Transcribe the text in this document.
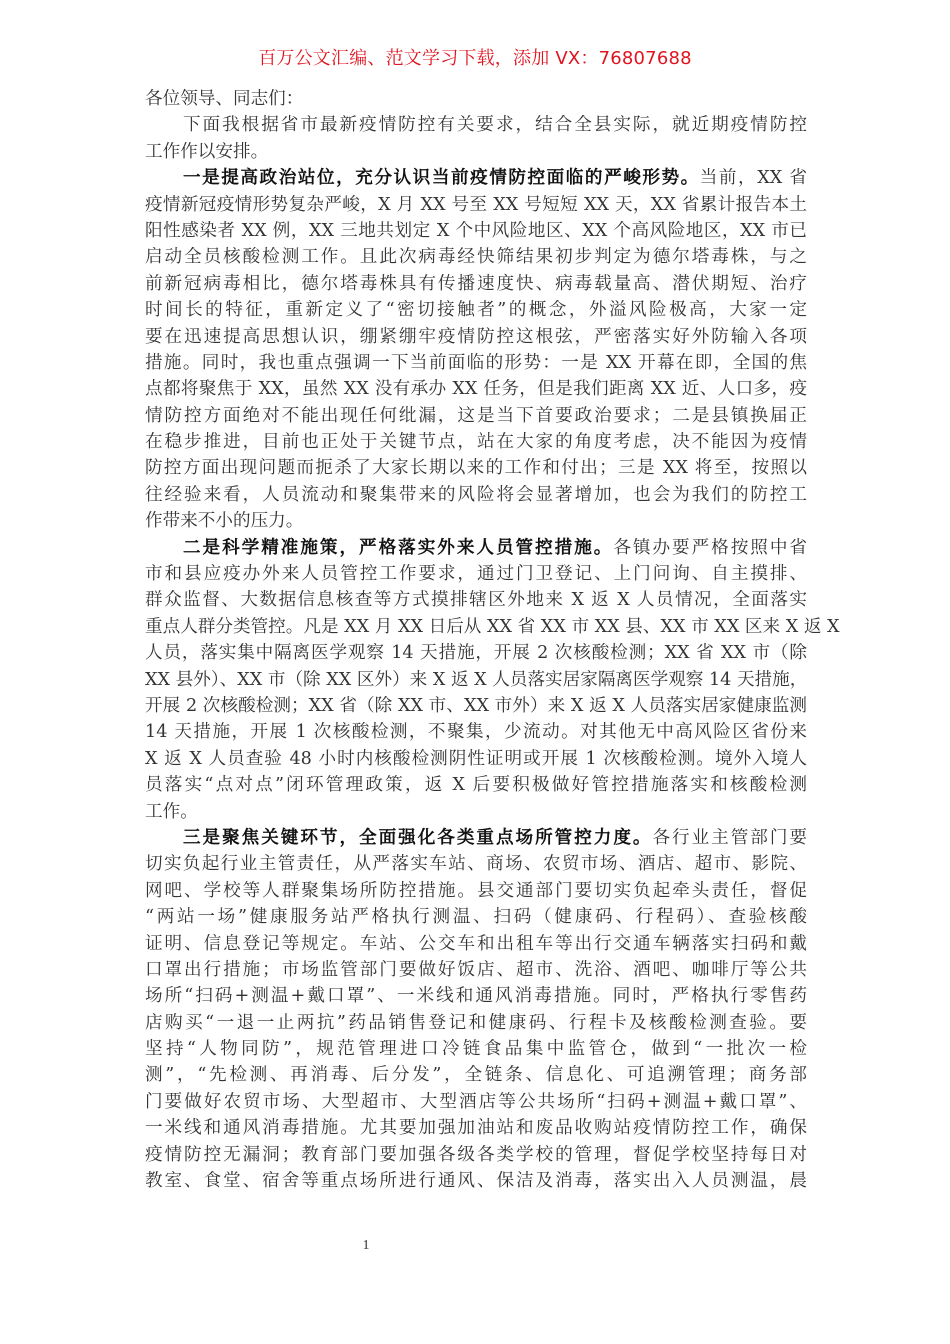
百万公文汇编、范文学习下载，添加 VX：76807688
各位领导、同志们：
下面我根据省市最新疫情防控有关要求，结合全县实际，就近期疫情防控
工作作以安排。
一是提高政治站位，充分认识当前疫情防控面临的严峻形势。当前，XX 省
疫情新冠疫情形势复杂严峻，X 月 XX 号至 XX 号短短 XX 天，XX 省累计报告本土
阳性感染者 XX 例，XX 三地共划定 X 个中风险地区、XX 个高风险地区，XX 市已
启动全员核酸检测工作。且此次病毒经快筛结果初步判定为德尔塔毒株，与之
前新冠病毒相比，德尔塔毒株具有传播速度快、病毒载量高、潜伏期短、治疗
时间长的特征，重新定义了“密切接触者”的概念，外溢风险极高，大家一定
要在迅速提高思想认识，绷紧绷牢疫情防控这根弦，严密落实好外防输入各项
措施。同时，我也重点强调一下当前面临的形势：一是 XX 开幕在即，全国的焦
点都将聚焦于 XX，虽然 XX 没有承办 XX 任务，但是我们距离 XX 近、人口多，疫
情防控方面绝对不能出现任何纰漏，这是当下首要政治要求；二是县镇换届正
在稳步推进，目前也正处于关键节点，站在大家的角度考虑，决不能因为疫情
防控方面出现问题而扼杀了大家长期以来的工作和付出；三是 XX 将至，按照以
往经验来看，人员流动和聚集带来的风险将会显著增加，也会为我们的防控工
作带来不小的压力。
二是科学精准施策，严格落实外来人员管控措施。各镇办要严格按照中省
市和县应疫办外来人员管控工作要求，通过门卫登记、上门问询、自主摸排、
群众监督、大数据信息核查等方式摸排辖区外地来 X 返 X 人员情况，全面落实
重点人群分类管控。凡是 XX 月 XX 日后从 XX 省 XX 市 XX 县、XX 市 XX 区来 X 返 X
人员，落实集中隔离医学观察 14 天措施，开展 2 次核酸检测；XX 省 XX 市（除
XX 县外）、XX 市（除 XX 区外）来 X 返 X 人员落实居家隔离医学观察 14 天措施，
开展 2 次核酸检测；XX 省（除 XX 市、XX 市外）来 X 返 X 人员落实居家健康监测
14 天措施，开展 1 次核酸检测，不聚集，少流动。对其他无中高风险区省份来
X 返 X 人员查验 48 小时内核酸检测阴性证明或开展 1 次核酸检测。境外入境人
员落实“点对点”闭环管理政策，返 X 后要积极做好管控措施落实和核酸检测
工作。
三是聚焦关键环节，全面强化各类重点场所管控力度。各行业主管部门要
切实负起行业主管责任，从严落实车站、商场、农贸市场、酒店、超市、影院、
网吧、学校等人群聚集场所防控措施。县交通部门要切实负起牵头责任，督促
“两站一场”健康服务站严格执行测温、扫码（健康码、行程码）、查验核酸
证明、信息登记等规定。车站、公交车和出租车等出行交通车辆落实扫码和戴
口罩出行措施；市场监管部门要做好饭店、超市、洗浴、酒吧、咖啡厅等公共
场所“扫码+测温+戴口罩”、一米线和通风消毒措施。同时，严格执行零售药
店购买“一退一止两抗”药品销售登记和健康码、行程卡及核酸检测查验。要
坚持“人物同防”，规范管理进口冷链食品集中监管仓，做到“一批次一检
测”，“先检测、再消毒、后分发”，全链条、信息化、可追溯管理；商务部
门要做好农贸市场、大型超市、大型酒店等公共场所“扫码+测温+戴口罩”、
一米线和通风消毒措施。尤其要加强加油站和废品收购站疫情防控工作，确保
疫情防控无漏洞；教育部门要加强各级各类学校的管理，督促学校坚持每日对
教室、食堂、宿舍等重点场所进行通风、保洁及消毒，落实出入人员测温，晨
1
